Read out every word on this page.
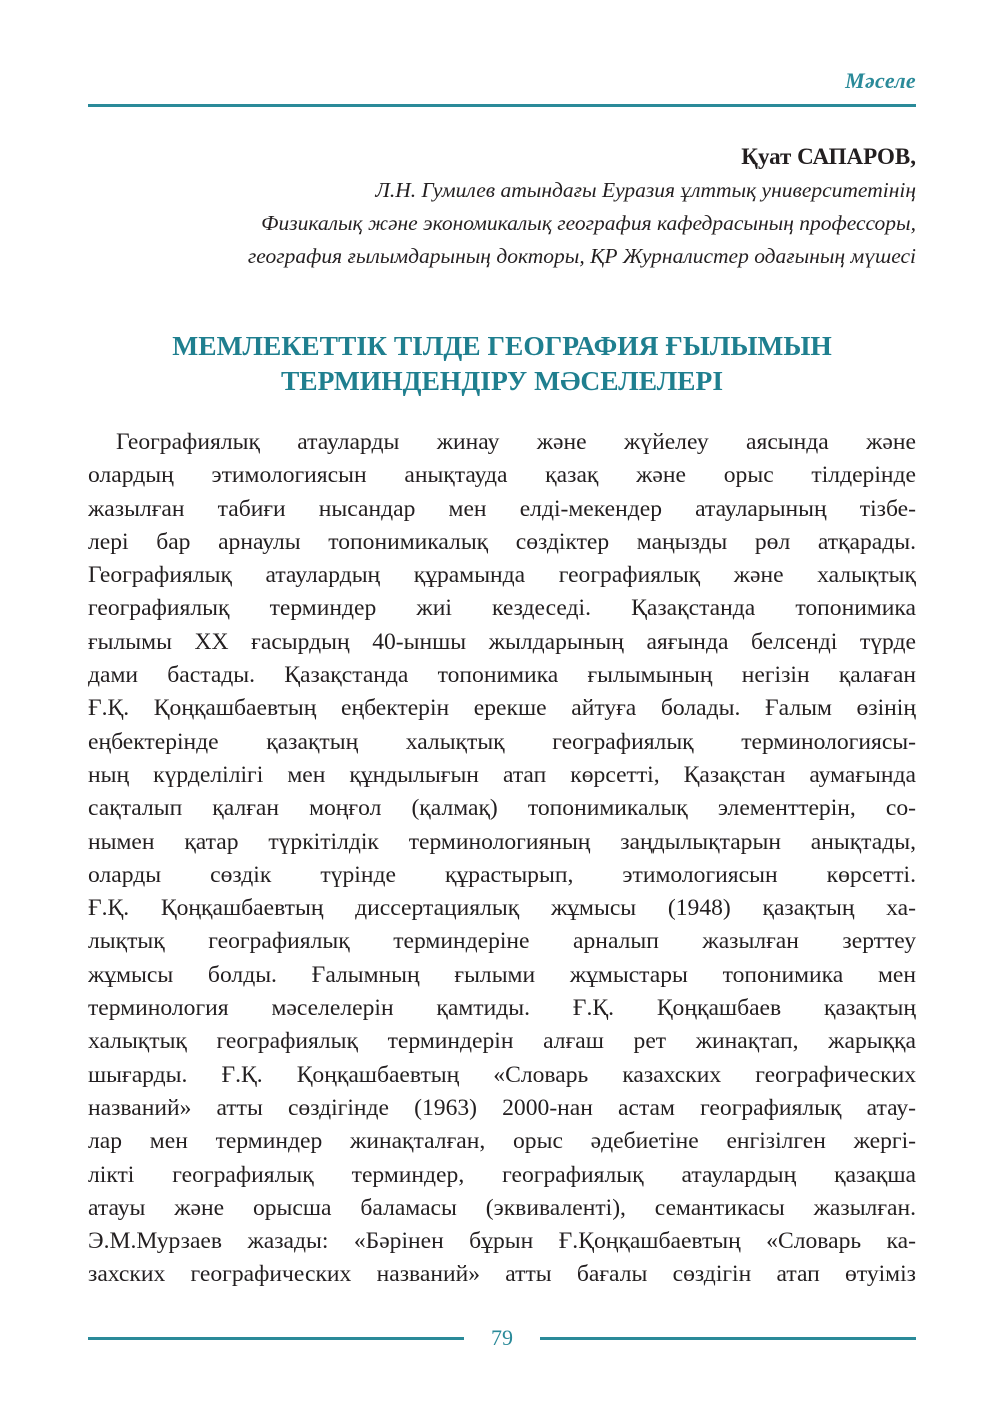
Мәселе
Қуат САПАРОВ,
Л.Н. Гумилев атындағы Еуразия ұлттық университетінің
Физикалық және экономикалық география кафедрасының профессоры,
география ғылымдарының докторы, ҚР Журналистер одағының мүшесі
МЕМЛЕКЕТТІК ТІЛДЕ ГЕОГРАФИЯ ҒЫЛЫМЫН
ТЕРМИНДЕНДІРУ МӘСЕЛЕЛЕРІ
Географиялық атауларды жинау және жүйелеу аясында және
олардың этимологиясын анықтауда қазақ және орыс тілдерінде
жазылған табиғи нысандар мен елді-мекендер атауларының тізбе-
лері бар арнаулы топонимикалық сөздіктер маңызды рөл атқарады.
Географиялық атаулардың құрамында географиялық және халықтық
географиялық терминдер жиі кездеседі. Қазақстанда топонимика
ғылымы ХХ ғасырдың 40-ыншы жылдарының аяғында белсенді түрде
дами бастады. Қазақстанда топонимика ғылымының негізін қалаған
Ғ.Қ. Қоңқашбаевтың еңбектерін ерекше айтуға болады. Ғалым өзінің
еңбектерінде қазақтың халықтық географиялық терминологиясы-
ның күрделілігі мен құндылығын атап көрсетті, Қазақстан аумағында
сақталып қалған моңғол (қалмақ) топонимикалық элементтерін, со-
нымен қатар түркітілдік терминологияның заңдылықтарын анықтады,
оларды сөздік түрінде құрастырып, этимологиясын көрсетті.
Ғ.Қ. Қоңқашбаевтың диссертациялық жұмысы (1948) қазақтың ха-
лықтық географиялық терминдеріне арналып жазылған зерттеу
жұмысы болды. Ғалымның ғылыми жұмыстары топонимика мен
терминология мәселелерін қамтиды. Ғ.Қ. Қоңқашбаев қазақтың
халықтық географиялық терминдерін алғаш рет жинақтап, жарыққа
шығарды. Ғ.Қ. Қоңқашбаевтың «Словарь казахских географических
названий» атты сөздігінде (1963) 2000-нан астам географиялық атау-
лар мен терминдер жинақталған, орыс әдебиетіне енгізілген жергі-
лікті географиялық терминдер, географиялық атаулардың қазақша
атауы және орысша баламасы (эквиваленті), семантикасы жазылған.
Э.М.Мурзаев жазады: «Бәрінен бұрын Ғ.Қоңқашбаевтың «Словарь ка-
захских географических названий» атты бағалы сөздігін атап өтуіміз
79
